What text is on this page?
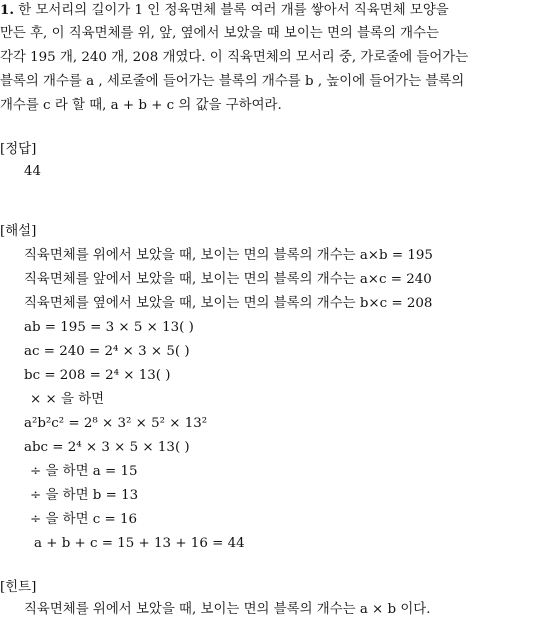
1. 한 모서리의 길이가 1 인 정육면체 블록 여러 개를 쌓아서 직육면체 모양을
만든 후, 이 직육면체를 위, 앞, 옆에서 보았을 때 보이는 면의 블록의 개수는
각각 195 개, 240 개, 208 개였다. 이 직육면체의 모서리 중, 가로줄에 들어가는
블록의 개수를 a , 세로줄에 들어가는 블록의 개수를 b , 높이에 들어가는 블록의
개수를 c 라 할 때, a + b + c 의 값을 구하여라.
[정답]
44
[해설]
직육면체를 위에서 보았을 때, 보이는 면의 블록의 개수는 a×b = 195
직육면체를 앞에서 보았을 때, 보이는 면의 블록의 개수는 a×c = 240
직육면체를 옆에서 보았을 때, 보이는 면의 블록의 개수는 b×c = 208
ab = 195 = 3 × 5 × 13( )
ac = 240 = 2⁴ × 3 × 5( )
bc = 208 = 2⁴ × 13( )
× × 을 하면
a²b²c² = 2⁸ × 3² × 5² × 13²
abc = 2⁴ × 3 × 5 × 13( )
÷ 을 하면 a = 15
÷ 을 하면 b = 13
÷ 을 하면 c = 16
a + b + c = 15 + 13 + 16 = 44
[힌트]
직육면체를 위에서 보았을 때, 보이는 면의 블록의 개수는 a × b 이다.
